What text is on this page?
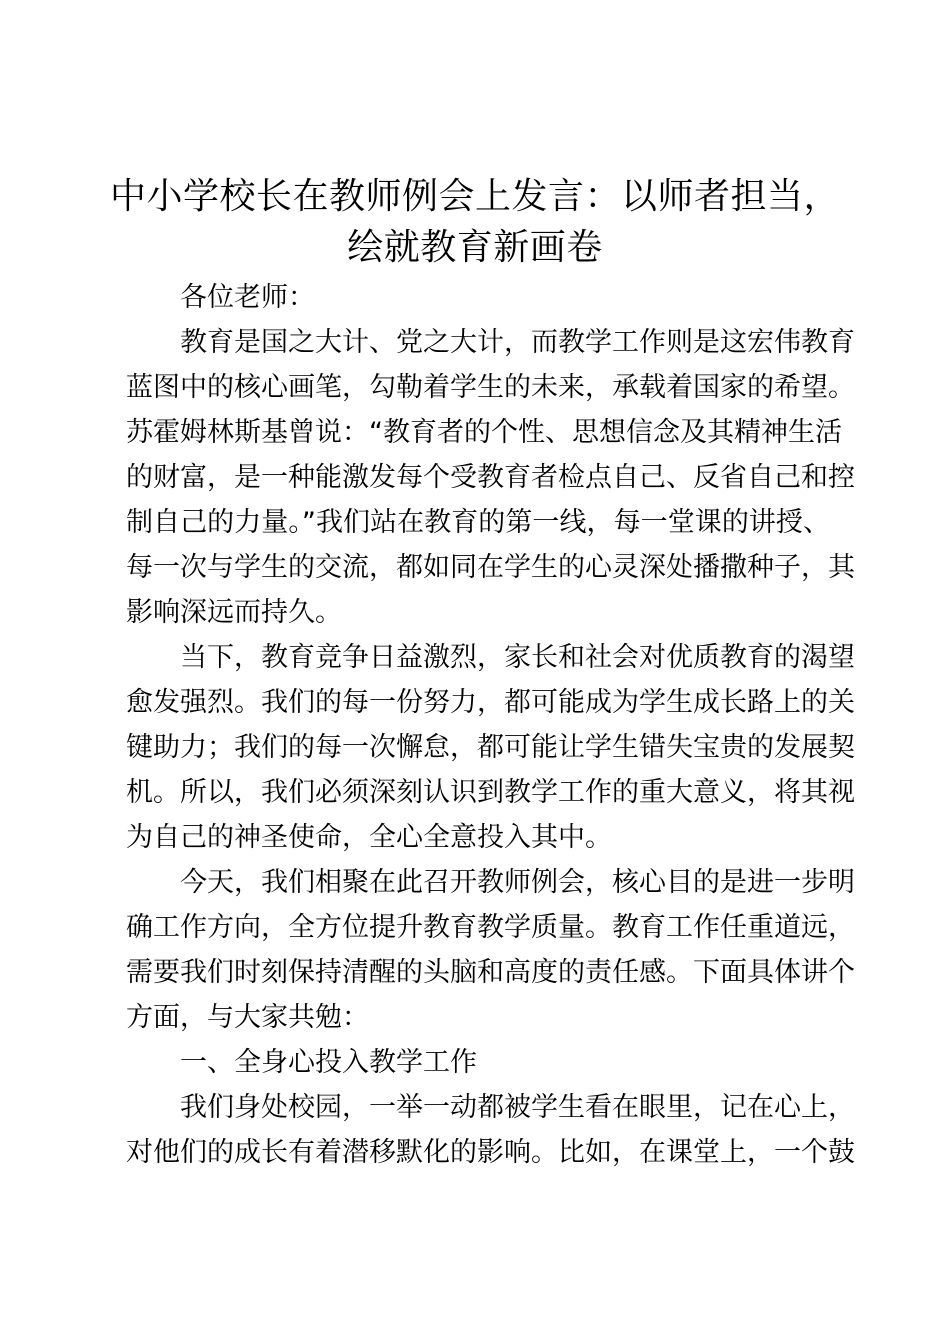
中小学校长在教师例会上发言：以师者担当，
绘就教育新画卷
各位老师：
教育是国之大计、党之大计，而教学工作则是这宏伟教育
蓝图中的核心画笔，勾勒着学生的未来，承载着国家的希望。
苏霍姆林斯基曾说：“教育者的个性、思想信念及其精神生活
的财富，是一种能激发每个受教育者检点自己、反省自己和控
制自己的力量。”我们站在教育的第一线，每一堂课的讲授、
每一次与学生的交流，都如同在学生的心灵深处播撒种子，其
影响深远而持久。
当下，教育竞争日益激烈，家长和社会对优质教育的渴望
愈发强烈。我们的每一份努力，都可能成为学生成长路上的关
键助力；我们的每一次懈怠，都可能让学生错失宝贵的发展契
机。所以，我们必须深刻认识到教学工作的重大意义，将其视
为自己的神圣使命，全心全意投入其中。
今天，我们相聚在此召开教师例会，核心目的是进一步明
确工作方向，全方位提升教育教学质量。教育工作任重道远，
需要我们时刻保持清醒的头脑和高度的责任感。下面具体讲个
方面，与大家共勉：
一、全身心投入教学工作
我们身处校园，一举一动都被学生看在眼里，记在心上，
对他们的成长有着潜移默化的影响。比如，在课堂上，一个鼓
